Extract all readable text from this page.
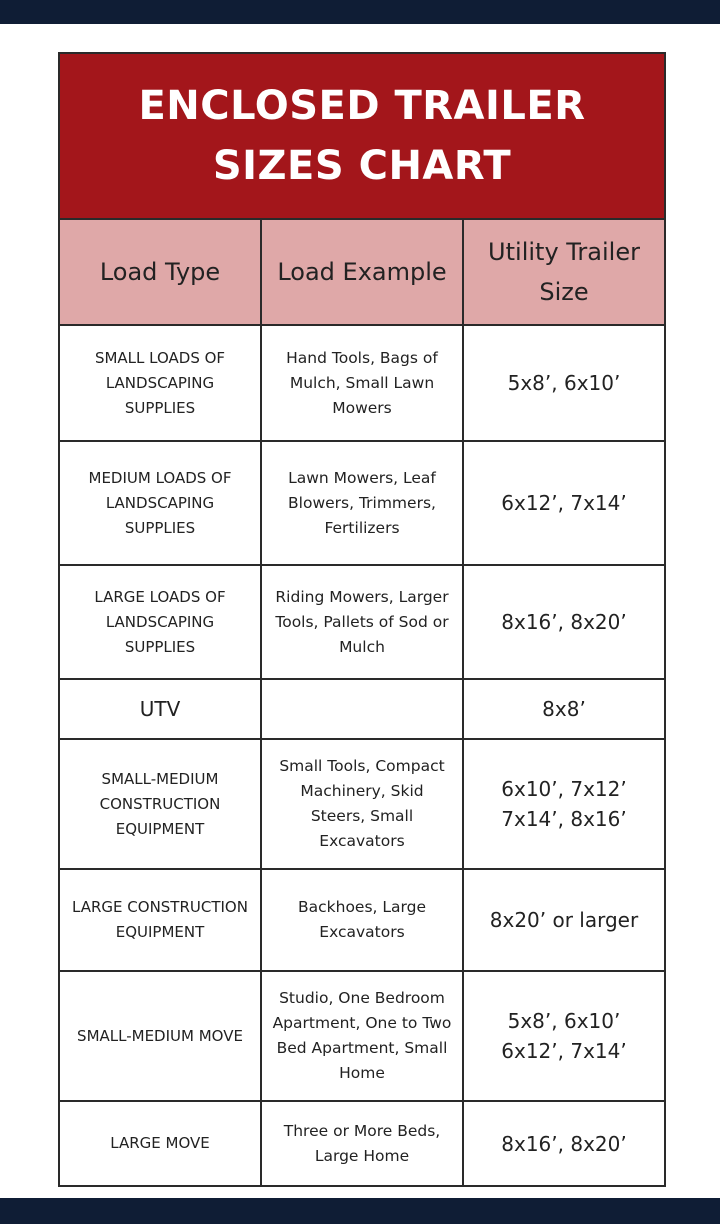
ENCLOSED TRAILER
SIZES CHART
Load Type	Load Example	Utility Trailer Size
SMALL LOADS OF LANDSCAPING SUPPLIES	Hand Tools, Bags of Mulch, Small Lawn Mowers	5x8’, 6x10’

MEDIUM LOADS OF LANDSCAPING SUPPLIES	Lawn Mowers, Leaf Blowers, Trimmers, Fertilizers	6x12’, 7x14’

LARGE LOADS OF LANDSCAPING SUPPLIES	Riding Mowers, Larger Tools, Pallets of Sod or Mulch	8x16’, 8x20’

UTV		8x8’

SMALL-MEDIUM CONSTRUCTION EQUIPMENT	Small Tools, Compact Machinery, Skid Steers, Small Excavators	6x10’, 7x12’
7x14’, 8x16’

LARGE CONSTRUCTION EQUIPMENT	Backhoes, Large Excavators	8x20’ or larger

SMALL-MEDIUM MOVE	Studio, One Bedroom Apartment, One to Two Bed Apartment, Small Home	5x8’, 6x10’
6x12’, 7x14’

LARGE MOVE	Three or More Beds, Large Home	8x16’, 8x20’
